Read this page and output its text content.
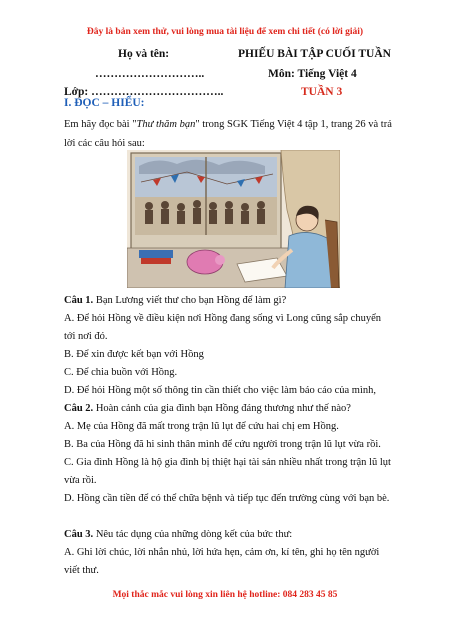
Đây là bản xem thử, vui lòng mua tài liệu để xem chi tiết (có lời giải)
Họ và tên:
………………………..
Lớp: ……………………………..
PHIẾU BÀI TẬP CUỐI TUẦN
Môn: Tiếng Việt 4
TUẦN 3
I. ĐỌC – HIỂU:
Em hãy đọc bài "Thư thăm bạn" trong SGK Tiếng Việt 4 tập 1, trang 26 và trả lời các câu hỏi sau:
Câu 1. Bạn Lương viết thư cho bạn Hồng để làm gì?
A. Để hỏi Hồng về điều kiện nơi Hồng đang sống vì Long cũng sắp chuyển tới nơi đó.
B. Để xin được kết bạn với Hồng
C. Để chia buồn với Hồng.
D. Để hỏi Hồng một số thông tin cần thiết cho việc làm báo cáo của mình,
Câu 2. Hoàn cảnh của gia đình bạn Hồng đáng thương như thế nào?
A. Mẹ của Hồng đã mất trong trận lũ lụt để cứu hai chị em Hồng.
B. Ba của Hồng đã hi sinh thân mình để cứu người trong trận lũ lụt vừa rồi.
C. Gia đình Hồng là hộ gia đình bị thiệt hại tài sản nhiều nhất trong trận lũ lụt vừa rồi.
D. Hồng cần tiền để có thể chữa bệnh và tiếp tục đến trường cùng với bạn bè.
Câu 3. Nêu tác dụng của những dòng kết của bức thư:
A. Ghi lời chúc, lời nhắn nhủ, lời hứa hẹn, cảm ơn, kí tên, ghi họ tên người viết thư.
Mọi thắc mắc vui lòng xin liên hệ hotline: 084 283 45 85
